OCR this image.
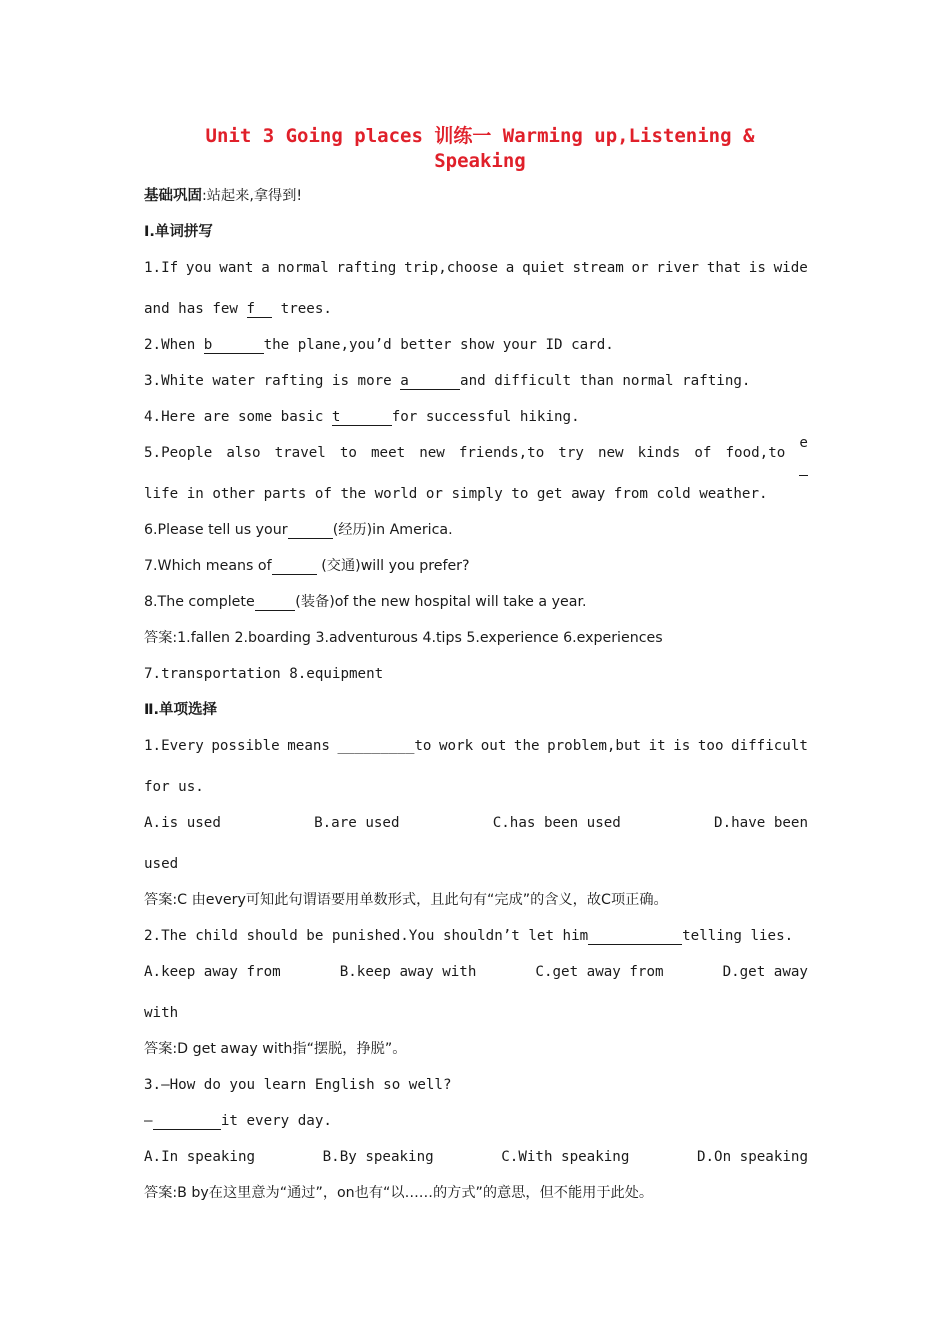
Unit 3 Going places 训练一 Warming up,Listening &
Speaking
基础巩固:站起来,拿得到!
Ⅰ.单词拼写
1.If you want a normal rafting trip,choose a quiet stream or river that is wide
and has few f   trees.
2.When b      the plane,you’d better show your ID card.
3.White water rafting is more a      and difficult than normal rafting.
4.Here are some basic t      for successful hiking.
5.People also travel to meet new friends,to try new kinds of food,to
e
life in other parts of the world or simply to get away from cold weather.
6.Please tell us your	(经历)in America.
7.Which means of	(交通)will you prefer?
8.The complete	(装备)of the new hospital will take a year.
答案:1.fallen 2.boarding 3.adventurous 4.tips 5.experience 6.experiences
7.transportation 8.equipment
Ⅱ.单项选择
1.Every possible means _________to work out the problem,but it is too difficult
for us.
A.is used	B.are used	C.has been used	D.have been
used
答案:C 由every可知此句谓语要用单数形式，且此句有“完成”的含义，故C项正确。
2.The child should be punished.You shouldn’t let him	telling lies.
A.keep away from	B.keep away with	C.get away from	D.get away
with
答案:D get away with指“摆脱，挣脱”。
3.—How do you learn English so well?
—	it every day.
A.In speaking	B.By speaking	C.With speaking	D.On speaking
答案:B by在这里意为“通过”，on也有“以……的方式”的意思，但不能用于此处。
